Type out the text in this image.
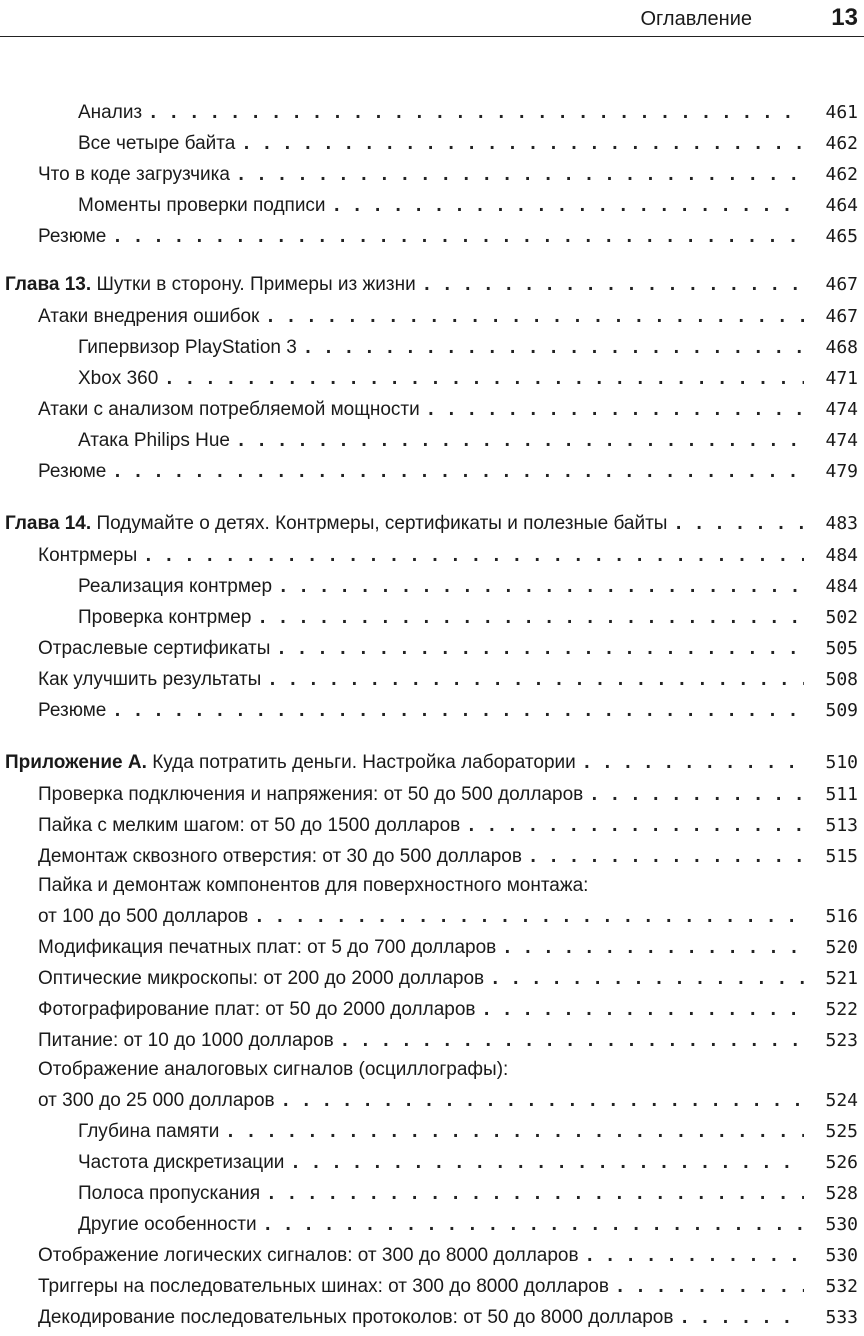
Оглавление	13
Анализ . . .	461
Все четыре байта . . .	462
Что в коде загрузчика . . .	462
Моменты проверки подписи . . .	464
Резюме . . .	465
Глава 13. Шутки в сторону. Примеры из жизни . . .	467
Атаки внедрения ошибок . . .	467
Гипервизор PlayStation 3 . . .	468
Xbox 360 . . .	471
Атаки с анализом потребляемой мощности . . .	474
Атака Philips Hue . . .	474
Резюме . . .	479
Глава 14. Подумайте о детях. Контрмеры, сертификаты и полезные байты . . .	483
Контрмеры . . .	484
Реализация контрмер . . .	484
Проверка контрмер . . .	502
Отраслевые сертификаты . . .	505
Как улучшить результаты . . .	508
Резюме . . .	509
Приложение А. Куда потратить деньги. Настройка лаборатории . . .	510
Проверка подключения и напряжения: от 50 до 500 долларов . . .	511
Пайка с мелким шагом: от 50 до 1500 долларов . . .	513
Демонтаж сквозного отверстия: от 30 до 500 долларов . . .	515
Пайка и демонтаж компонентов для поверхностного монтажа:
от 100 до 500 долларов . . .	516
Модификация печатных плат: от 5 до 700 долларов . . .	520
Оптические микроскопы: от 200 до 2000 долларов . . .	521
Фотографирование плат: от 50 до 2000 долларов . . .	522
Питание: от 10 до 1000 долларов . . .	523
Отображение аналоговых сигналов (осциллографы):
от 300 до 25 000 долларов . . .	524
Глубина памяти . . .	525
Частота дискретизации . . .	526
Полоса пропускания . . .	528
Другие особенности . . .	530
Отображение логических сигналов: от 300 до 8000 долларов . . .	530
Триггеры на последовательных шинах: от 300 до 8000 долларов . . .	532
Декодирование последовательных протоколов: от 50 до 8000 долларов . . .	533
